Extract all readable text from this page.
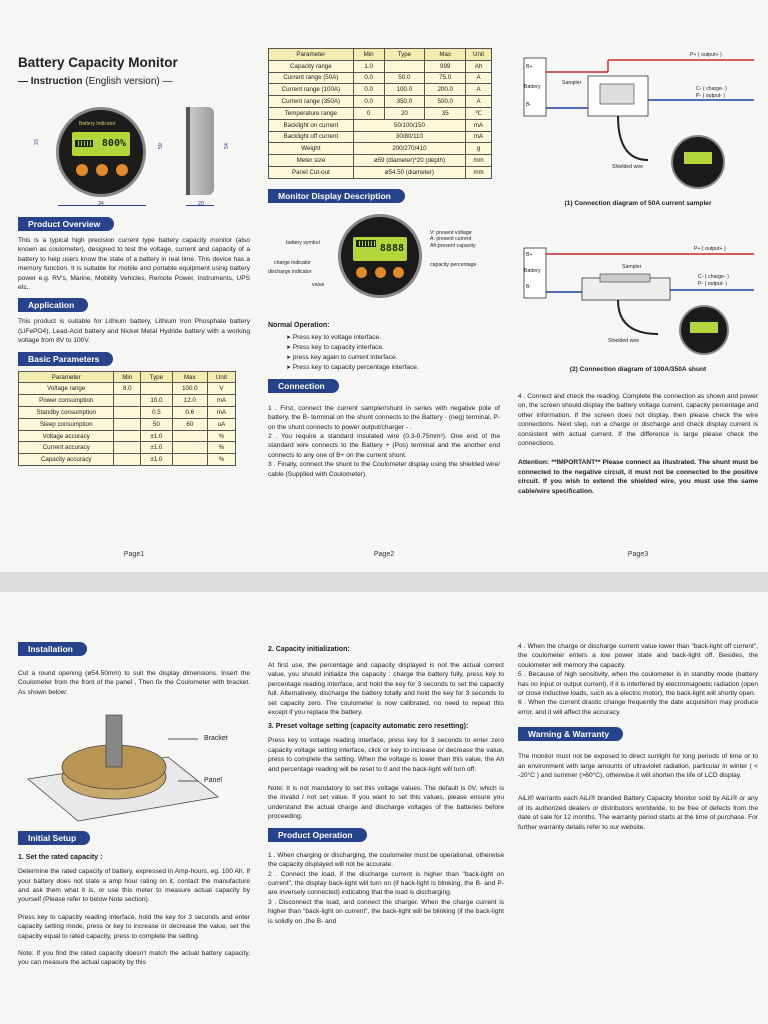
Battery Capacity Monitor
— Instruction (English version) —
Battery Indicator
800%
23
59	54
34	20
Product Overview
This is a typical high precision current type battery capacity monitor (also known as coulometer), designed to test the voltage, current and capacity of a battery to help users know the state of a battery in real time. This device has a memory function. It is suitable for mobile and portable equipment using battery power e.g. RV's, Marine, Mobility Vehicles, Remote Power, Instruments, UPS etc..
Application
This product is suitable for Lithium battery, Lithium Iron Phosphate battery (LiFePO4), Lead-Acid battery and Nickel Metal Hydride battery with a working voltage from 8V to 100V.
Basic Parameters
Parameter	Min	Type	Max	Unit
Voltage range	8.0		100.0	V
Power consumption		10.0	12.0	mA
Standby consumption		0.5	0.6	mA
Sleep consumption		50	60	uA
Voltage accuracy		±1.0		%
Current accuracy		±1.0		%
Capacity accuracy		±1.0		%
Page1
Parameter	Min	Type	Max	Unit
Capacity range	1.0		999	Ah
Current range (50A)	0.0	50.0	75.0	A
Current range (100A)	0.0	100.0	200.0	A
Current range (350A)	0.0	350.0	500.0	A
Temperature range	0	20	35	℃
Backlight on current	50/100/150			mA
Backlight off current	30/80/110			mA
Weight	200/270/410			g
Meter size	ø59 (diameter)*20 (depth)			mm
Panel Cut-out	ø54.50 (diameter)			mm
Monitor Display Description
8888
battery symbol
charge indicator
discharge indicator
value
V: present voltage
A: present current
Ah:present capacity
capacity percentage
Normal Operation:
➤ Press key to voltage interface.
➤ Press key to capacity interface.
➤ press key again to current interface.
➤ Press key to capacity percentage interface.
Connection
1 . First, connect the current sampler/shunt in series with negative pole of battery, the B- terminal on the shunt connects to the Battery - (neg) terminal, P- on the shunt connects to power output/charger - .
2 . You require a standard insulated wire (0.3-0.75mm²). One end of the standard wire connects to the Battery + (Pos) terminal and the another end connects to any one of B+ on the current shunt.
3 . Finally, connect the shunt to the Coulometer display using the shielded wire/ cable (Supplied with Coulometer).
Page2
B+
Battery
B-
Sampler
P+ ( output+ )
C- ( charge- )
P- ( output- )
Shielded wire
(1) Connection diagram of 50A current sampler
B+
Battery
B-
Sampler
P+ ( output+ )
C- ( charge- )
P- ( output- )
Shielded wire
(2) Connection diagram of 100A/350A shunt
4 . Connect and check the reading. Complete the connection as shown and power on, the screen should display the battery voltage current, capacity percentage and other information. If the screen does not display, then please check the wire connections. Next step, run a charge or discharge and check display current is consistent with actual current. If the difference is large please check the connections.
Attention: **IMPORTANT** Please connect as illustrated. The shunt must be connected to the negative circuit, it must not be connected to the positive circuit. If you wish to extend the shielded wire, you must use the same cable/wire specification.
Page3
Installation
Cut a round opening (ø54.50mm) to suit the display dimensions. Insert the Coulometer from the front of the panel , Then fix the Coulometer with bracket. As shown below:
Bracket
Panel
Initial Setup
1. Set the rated capacity :
Determine the rated capacity of battery, expressed in Amp-hours, eg. 100 Ah. If your battery does not state a amp hour rating on it, contact the manufacture and ask them what it is, or use this meter to measure actual capacity by yourself (Please refer to below Note section).
Press key to capacity reading interface, hold the key for 3 seconds and enter capacity setting mode, press or key to increase or decrease the value, set the capacity equal to rated capacity, press to complete the setting.
Note: If you find the rated capacity doesn't match the actual battery capacity, you can measure the actual capacity by this
2. Capacity initialization:
At first use, the percentage and capacity displayed is not the actual correct value, you should initialize the capacity : charge the battery fully, press key to percentage reading interface, and hold the key for 3 seconds to set the capacity full. Alternatively, discharge the battery totally and hold the key for 3 seconds to set capacity zero. The coulometer is now calibrated, no need to repeat this except if you replace the battery.
3. Preset voltage setting (capacity automatic zero resetting):
Press key to voltage reading interface, press key for 3 seconds to enter zero capacity voltage setting interface, click or key to increase or decrease the value, press to complete the setting. When the voltage is lower than this value, the Ah and percentage reading will be reset to 0 and the back-light will turn off.
Note: It is not mandatory to set this voltage values. The default is 0V, which is the invalid / not set value. If you want to set this values, please ensure you understand the actual charge and discharge voltages of the batteries before proceeding.
Product Operation
1 . When charging or discharging, the coulometer must be operational, otherwise the capacity displayed will not be accurate.
2 . Connect the load, if the discharge current is higher than "back-light on current", the display back-light will turn on (if back-light is blinking, the B- and P- are inversely connected) indicating that the load is discharging.
3 . Disconnect the load, and connect the charger. When the charge current is higher than "back-light on current", the back-light will be blinking (if the back-light is solidly on ,the B- and
4 . When the charge or discharge current value lower than "back-light off current", the coulometer enters a low power state and back-light off. Besides, the coulometer will memory the capacity.
5 . Because of high sensitivity, when the coulometer is in standby mode (battery has no input or output current), if it is interfered by electromagnetic radiation (open or close inductive loads, such as a electric motor), the back-light will shortly open.
6 . When the current drastic change frequently the date acquisition may produce error, and it will affect the accuracy.
Warning & Warranty
The monitor must not be exposed to direct sunlight for long periods of time or to an environment with large amounts of ultraviolet radiation, particular in winter ( < -20°C ) and summer (>60°C), otherwise it will shorten the life of LCD display.
AiLi® warrants each AiLi® branded Battery Capacity Monitor sold by AiLi® or any of its authorized dealers or distributors worldwide, to be free of defects from the date of sale for 12 months. The warranty period starts at the time of purchase. For further warranty details refer to our website.
